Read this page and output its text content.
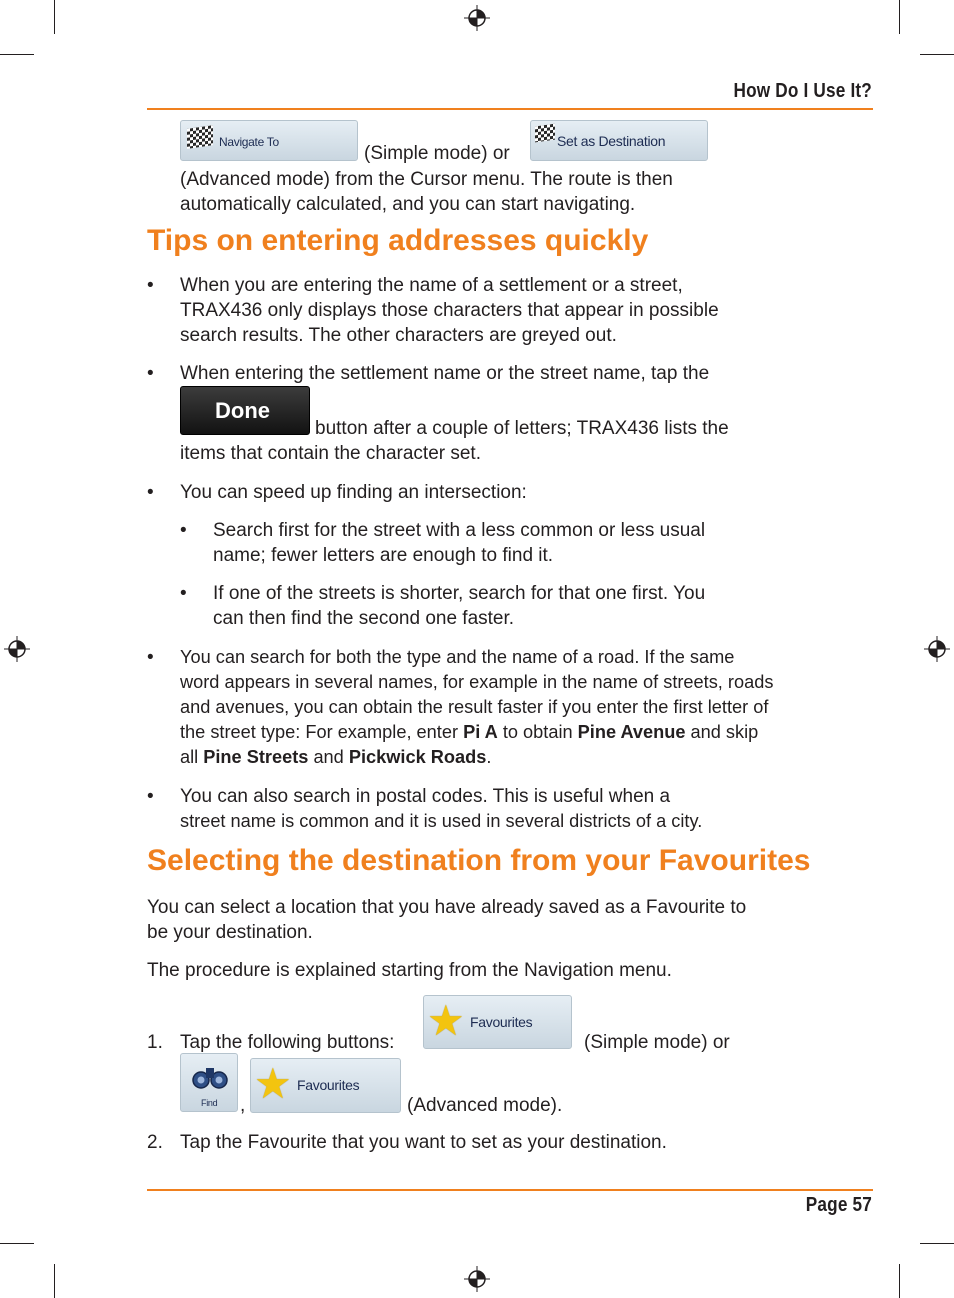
How Do I Use It?
Navigate To
(Simple mode) or
Set as Destination
(Advanced mode) from the Cursor menu. The route is then
automatically calculated, and you can start navigating.
Tips on entering addresses quickly
• When you are entering the name of a settlement or a street,
TRAX436 only displays those characters that appear in possible
search results. The other characters are greyed out.
• When entering the settlement name or the street name, tap the
Done
button after a couple of letters; TRAX436 lists the
items that contain the character set.
• You can speed up finding an intersection:
• Search first for the street with a less common or less usual
name; fewer letters are enough to find it.
• If one of the streets is shorter, search for that one first. You
can then find the second one faster.
• You can search for both the type and the name of a road. If the same
word appears in several names, for example in the name of streets, roads
and avenues, you can obtain the result faster if you enter the first letter of
the street type: For example, enter Pi A to obtain Pine Avenue and skip
all Pine Streets and Pickwick Roads.
• You can also search in postal codes. This is useful when a
street name is common and it is used in several districts of a city.
Selecting the destination from your Favourites
You can select a location that you have already saved as a Favourite to
be your destination.
The procedure is explained starting from the Navigation menu.
1. Tap the following buttons: ★ Favourites
(Simple mode) or
Find , ★ Favourites
(Advanced mode).
2. Tap the Favourite that you want to set as your destination.
Page 57
